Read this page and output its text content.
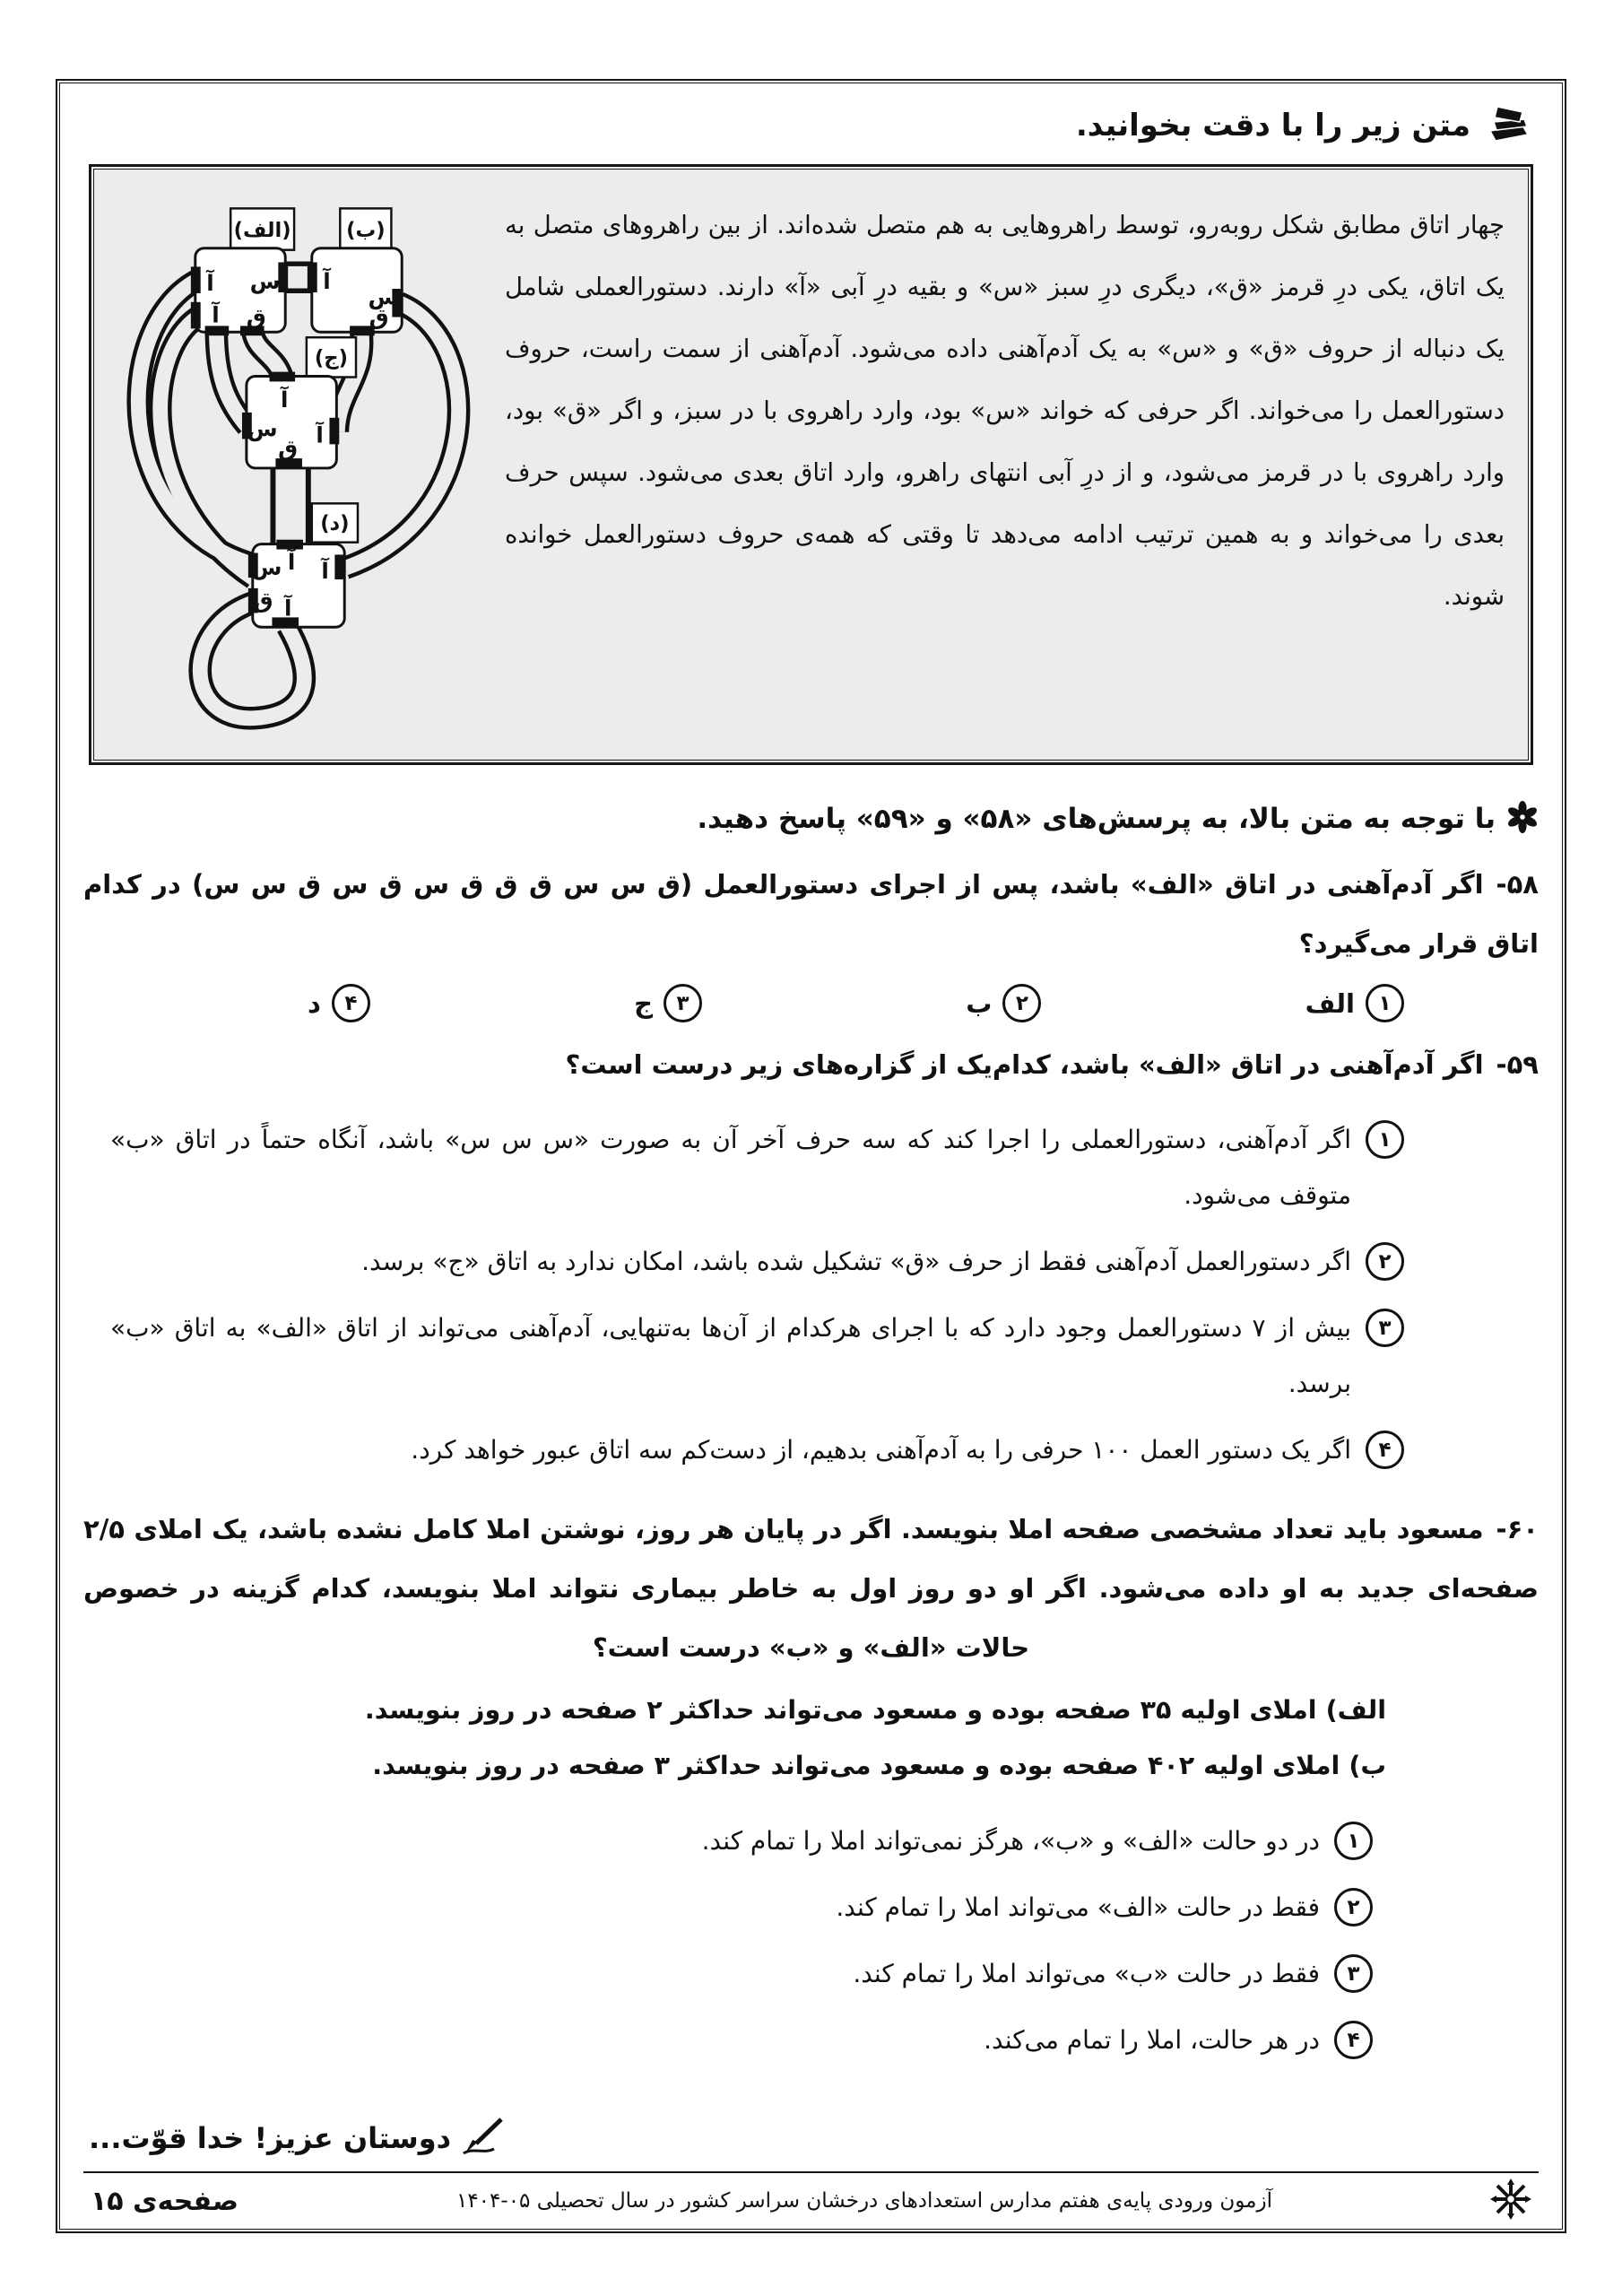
متن زیر را با دقت بخوانید.
چهار اتاق مطابق شکل روبه‌رو، توسط راهروهایی به هم متصل شده‌اند. از بین راهروهای متصل به یک اتاق، یکی درِ قرمز «ق»، دیگری درِ سبز «س» و بقیه درِ آبی «آ» دارند. دستورالعملی شامل یک دنباله از حروف «ق» و «س» به یک آدم‌آهنی داده می‌شود. آدم‌آهنی از سمت راست، حروف دستورالعمل را می‌خواند. اگر حرفی که خواند «س» بود، وارد راهروی با در سبز، و اگر «ق» بود، وارد راهروی با در قرمز می‌شود، و از درِ آبی انتهای راهرو، وارد اتاق بعدی می‌شود. سپس حرف بعدی را می‌خواند و به همین ترتیب ادامه می‌دهد تا وقتی که همه‌ی حروف دستورالعمل خوانده شوند.
(الف)	(ب)
(ج)
(د)
س
آ
آ ق
آ
س
ق
آ
س آ
ق
آ
س آ
ق آ
با توجه به متن بالا، به پرسش‌های «۵۸» و «۵۹» پاسخ دهید.

۵۸-اگر آدم‌آهنی در اتاق «الف» باشد، پس از اجرای دستورالعمل (ق س س ق ق ق س ق س ق س س) در کدام اتاق قرار می‌گیرد؟

۱
الف
۲
ب
۳
ج
۴
د

۵۹-اگر آدم‌آهنی در اتاق «الف» باشد، کدام‌یک از گزاره‌های زیر درست است؟

۱
اگر آدم‌آهنی، دستورالعملی را اجرا کند که سه حرف آخر آن به صورت «س س س» باشد، آنگاه حتماً در اتاق «ب» متوقف می‌شود.
۲
اگر دستورالعمل آدم‌آهنی فقط از حرف «ق» تشکیل شده باشد، امکان ندارد به اتاق «ج» برسد.
۳
بیش از ۷ دستورالعمل وجود دارد که با اجرای هرکدام از آن‌ها به‌تنهایی، آدم‌آهنی می‌تواند از اتاق «الف» به اتاق «ب» برسد.
۴
اگر یک دستور العمل ۱۰۰ حرفی را به آدم‌آهنی بدهیم، از دست‌کم سه اتاق عبور خواهد کرد.

۶۰-مسعود باید تعداد مشخصی صفحه املا بنویسد. اگر در پایان هر روز، نوشتن املا کامل نشده باشد، یک املای ۲/۵ صفحه‌ای جدید به او داده می‌شود. اگر او دو روز اول به خاطر بیماری نتواند املا بنویسد، کدام گزینه در خصوص حالات «الف» و «ب» درست است؟

الف)املای اولیه ۳۵ صفحه بوده و مسعود می‌تواند حداکثر ۲ صفحه در روز بنویسد.

ب)املای اولیه ۴۰۲ صفحه بوده و مسعود می‌تواند حداکثر ۳ صفحه در روز بنویسد.

۱
در دو حالت «الف» و «ب»، هرگز نمی‌تواند املا را تمام کند.
۲
فقط در حالت «الف» می‌تواند املا را تمام کند.
۳
فقط در حالت «ب» می‌تواند املا را تمام کند.
۴
در هر حالت، املا را تمام می‌کند.
دوستان عزیز! خدا قوّت...
آزمون ورودی پایه‌ی هفتم مدارس استعدادهای درخشان سراسر کشور در سال تحصیلی ۰۵-۱۴۰۴
صفحه‌ی ۱۵
